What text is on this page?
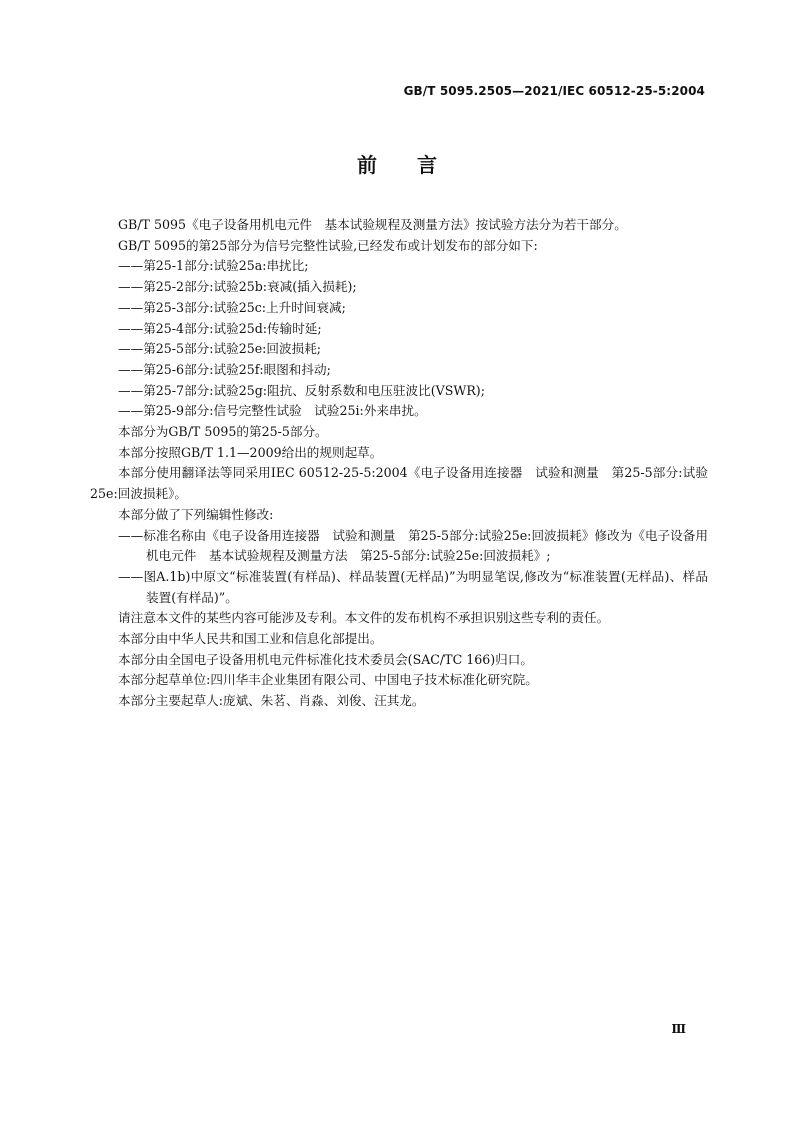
GB/T 5095.2505—2021/IEC 60512-25-5:2004
前言

GB/T 5095《电子设备用机电元件　基本试验规程及测量方法》按试验方法分为若干部分。

GB/T 5095的第25部分为信号完整性试验,已经发布或计划发布的部分如下:

——第25-1部分:试验25a:串扰比;

——第25-2部分:试验25b:衰减(插入损耗);

——第25-3部分:试验25c:上升时间衰减;

——第25-4部分:试验25d:传输时延;

——第25-5部分:试验25e:回波损耗;

——第25-6部分:试验25f:眼图和抖动;

——第25-7部分:试验25g:阻抗、反射系数和电压驻波比(VSWR);

——第25-9部分:信号完整性试验　试验25i:外来串扰。

本部分为GB/T 5095的第25-5部分。

本部分按照GB/T 1.1—2009给出的规则起草。

本部分使用翻译法等同采用IEC 60512-25-5:2004《电子设备用连接器　试验和测量　第25-5部分:试验25e:回波损耗》。

本部分做了下列编辑性修改:

——标准名称由《电子设备用连接器　试验和测量　第25-5部分:试验25e:回波损耗》修改为《电子设备用机电元件　基本试验规程及测量方法　第25-5部分:试验25e:回波损耗》;

——图A.1b)中原文“标准装置(有样品)、样品装置(无样品)”为明显笔误,修改为“标准装置(无样品)、样品装置(有样品)”。

请注意本文件的某些内容可能涉及专利。本文件的发布机构不承担识别这些专利的责任。

本部分由中华人民共和国工业和信息化部提出。

本部分由全国电子设备用机电元件标准化技术委员会(SAC/TC 166)归口。

本部分起草单位:四川华丰企业集团有限公司、中国电子技术标准化研究院。

本部分主要起草人:庞斌、朱茗、肖淼、刘俊、汪其龙。

Ⅲ
